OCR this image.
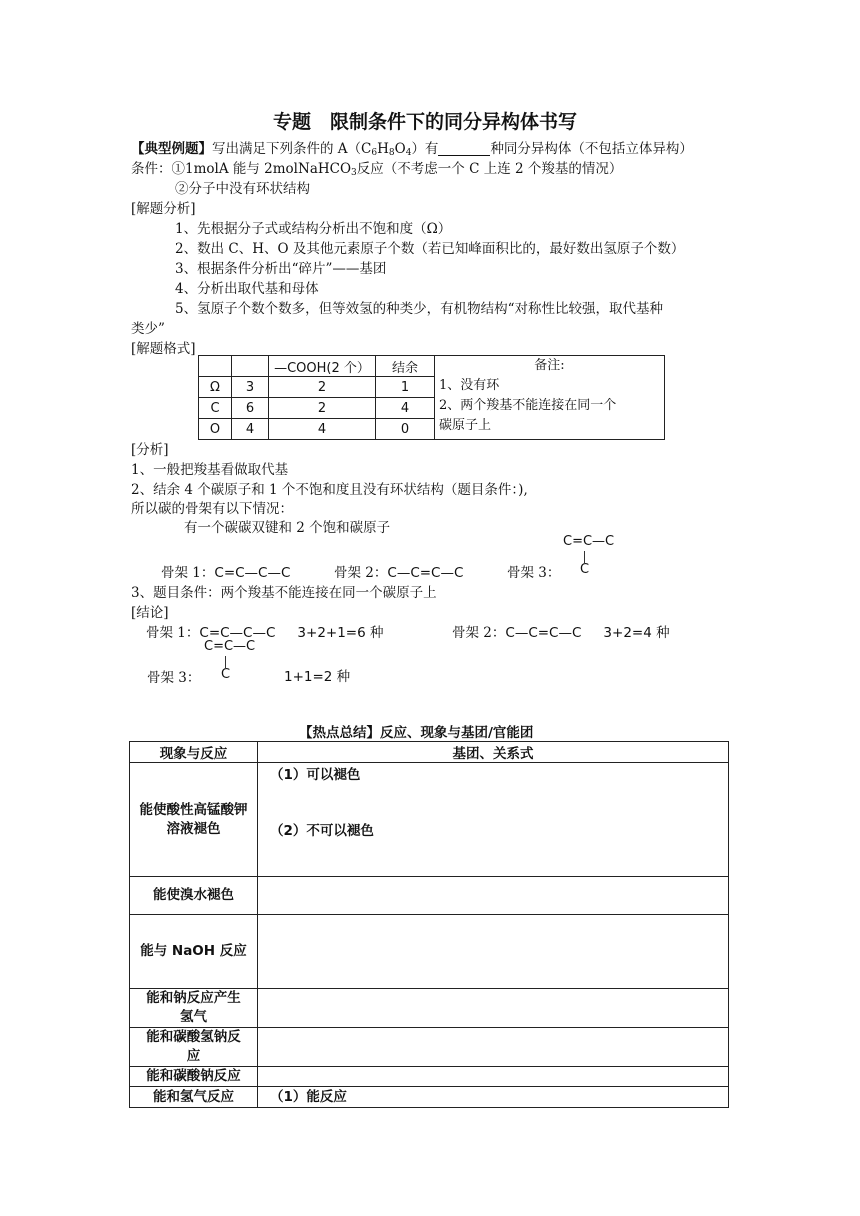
专题　限制条件下的同分异构体书写
【典型例题】写出满足下列条件的 $A(C_6H_8O_4)$有	种同分异构体（不包括立体异构）
条件：①1molA 能与 2molNaHCO$_3$反应（不考虑一个 C 上连 2 个羧基的情况）
②分子中没有环状结构
[解题分析]
1、先根据分子式或结构分析出不饱和度（Ω）
2、数出 C、H、O 及其他元素原子个数（若已知峰面积比的，最好数出氢原子个数）
3、根据条件分析出“碎片”——基团
4、分析出取代基和母体
5、氢原子个数个数多，但等效氢的种类少，有机物结构“对称性比较强，取代基种
类少”
[解题格式]
		—COOH(2 个）	结余	备注:
1、没有环
2、两个羧基不能连接在同一个
碳原子上

Ω	3	2	1	
C	6	2	4	
O	4	4	0	
[分析]
1、一般把羧基看做取代基
2、结余 4 个碳原子和 1 个不饱和度且没有环状结构（题目条件：),
所以碳的骨架有以下情况：
有一个碳碳双键和 2 个饱和碳原子
骨架 1：C=C—C—C	骨架 2：C—C=C—C	骨架 3：
C=C—C
C
3、题目条件：两个羧基不能连接在同一个碳原子上
[结论]
骨架 1：C=C—C—C 3+2+1=6 种	骨架 2：C—C=C—C 3+2=4 种
骨架 3：
C=C—C
C	1+1=2 种
【热点总结】反应、现象与基团/官能团
现象与反应	基团、关系式

能使酸性高锰酸钾溶液褪色	（1）可以褪色
（2）不可以褪色

能使溴水褪色	
能与 NaOH 反应	

能和钠反应产生氢气	

能和碳酸氢钠反应	

能和碳酸钠反应	
能和氢气反应	（1）能反应
